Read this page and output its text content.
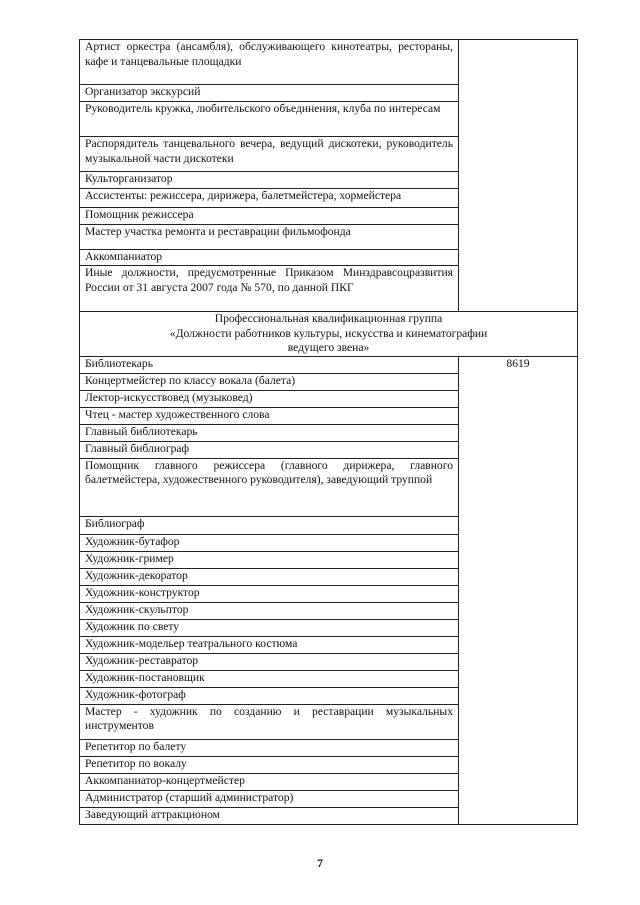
Артист оркестра (ансамбля), обслуживающего кинотеатры, рестораны, кафе и танцевальные площадки	
Организатор экскурсий	
Руководитель кружка, любительского объединения, клуба по интересам	
Распорядитель танцевального вечера, ведущий дискотеки, руководитель музыкальной части дискотеки	
Культорганизатор	
Ассистенты: режиссера, дирижера, балетмейстера, хормейстера	
Помощник режиссера	
Мастер участка ремонта и реставрации фильмофонда	
Аккомпаниатор	
Иные должности, предусмотренные Приказом Минздравсоцразвития России от 31 августа 2007 года № 570, по данной ПКГ	

Профессиональная квалификационная группа
«Должности работников культуры, искусства и кинематографии
ведущего звена»	

Библиотекарь	8619
Концертмейстер по классу вокала (балета)	
Лектор-искусствовед (музыковед)	
Чтец - мастер художественного слова	
Главный библиотекарь	
Главный библиограф	
Помощник главного режиссера (главного дирижера, главного балетмейстера, художественного руководителя), заведующий труппой	
Библиограф	
Художник-бутафор	
Художник-гример	
Художник-декоратор	
Художник-конструктор	
Художник-скульптор	
Художник по свету	
Художник-модельер театрального костюма	
Художник-реставратор	
Художник-постановщик	
Художник-фотограф	
Мастер - художник по созданию и реставрации музыкальных инструментов	
Репетитор по балету	
Репетитор по вокалу	
Аккомпаниатор-концертмейстер	
Администратор (старший администратор)	
Заведующий аттракционом	
7
